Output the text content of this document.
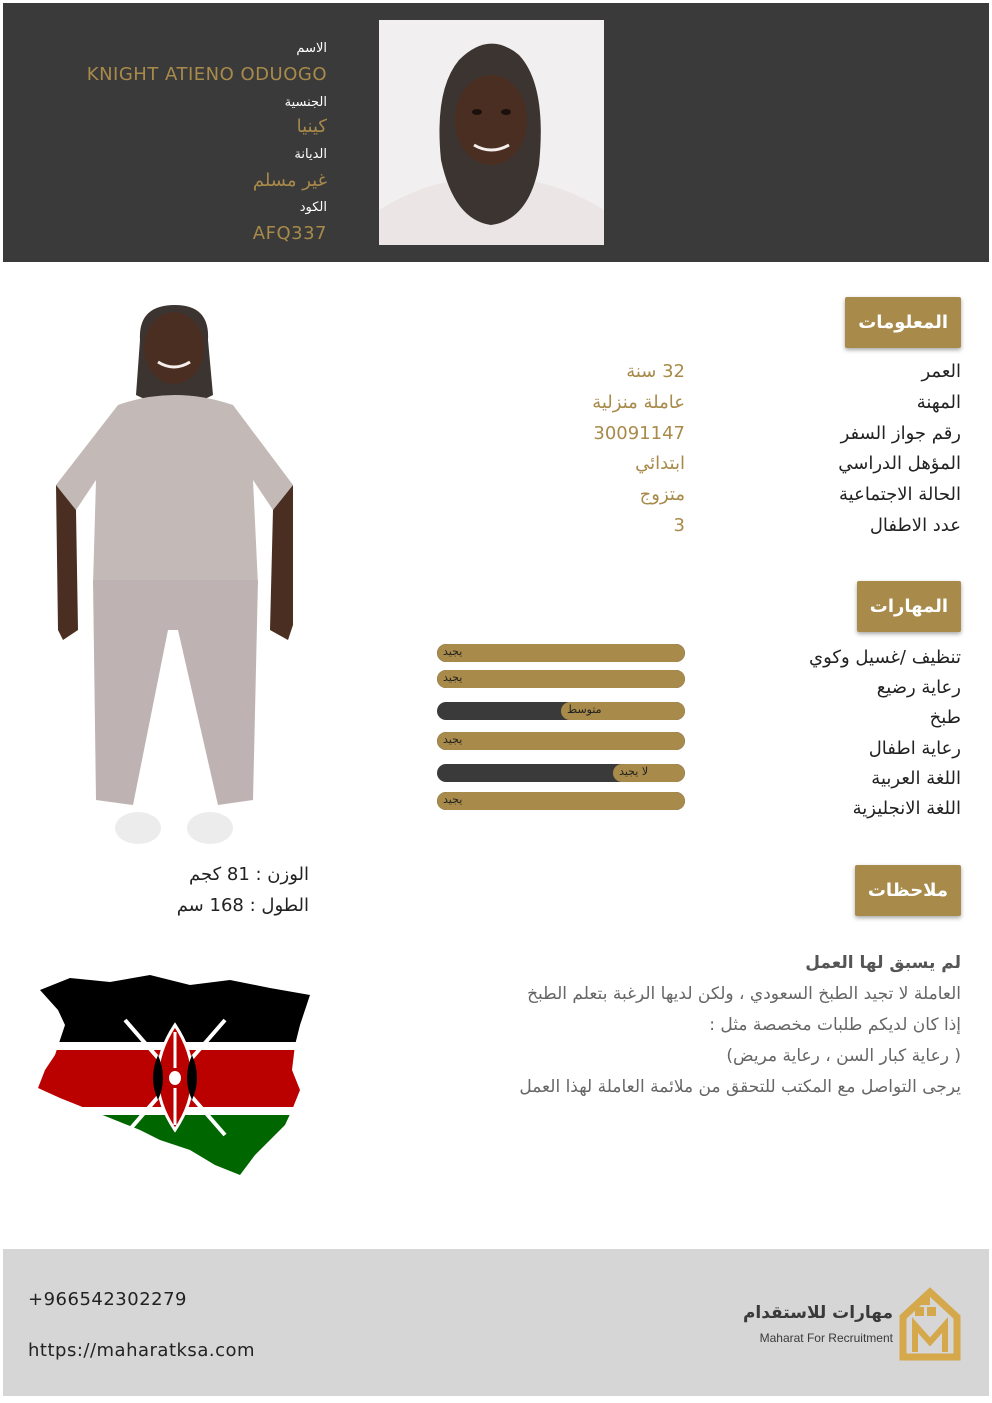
الاسم
KNIGHT ATIENO ODUOGO
الجنسية
كينيا
الديانة
غير مسلم
الكود
AFQ337
المعلومات
العمر
32 سنة
المهنة
عاملة منزلية
رقم جواز السفر
30091147
المؤهل الدراسي
ابتدائي
الحالة الاجتماعية
متزوج
عدد الاطفال
3
المهارات
تنظيف /غسيل وكوي
رعاية رضيع
طبخ
رعاية اطفال
اللغة العربية
اللغة الانجليزية
يجيد
يجيد
متوسط
يجيد
لا يجيد
يجيد
ملاحظات
لم يسبق لها العمل
العاملة لا تجيد الطبخ السعودي ، ولكن لديها الرغبة بتعلم الطبخ
إذا كان لديكم طلبات مخصصة مثل :
( رعاية كبار السن ، رعاية مريض)
يرجى التواصل مع المكتب للتحقق من ملائمة العاملة لهذا العمل
الوزن : 81 كجم
الطول : 168 سم
+966542302279
https://maharatksa.com
مهارات للاستقدام
Maharat For Recruitment
